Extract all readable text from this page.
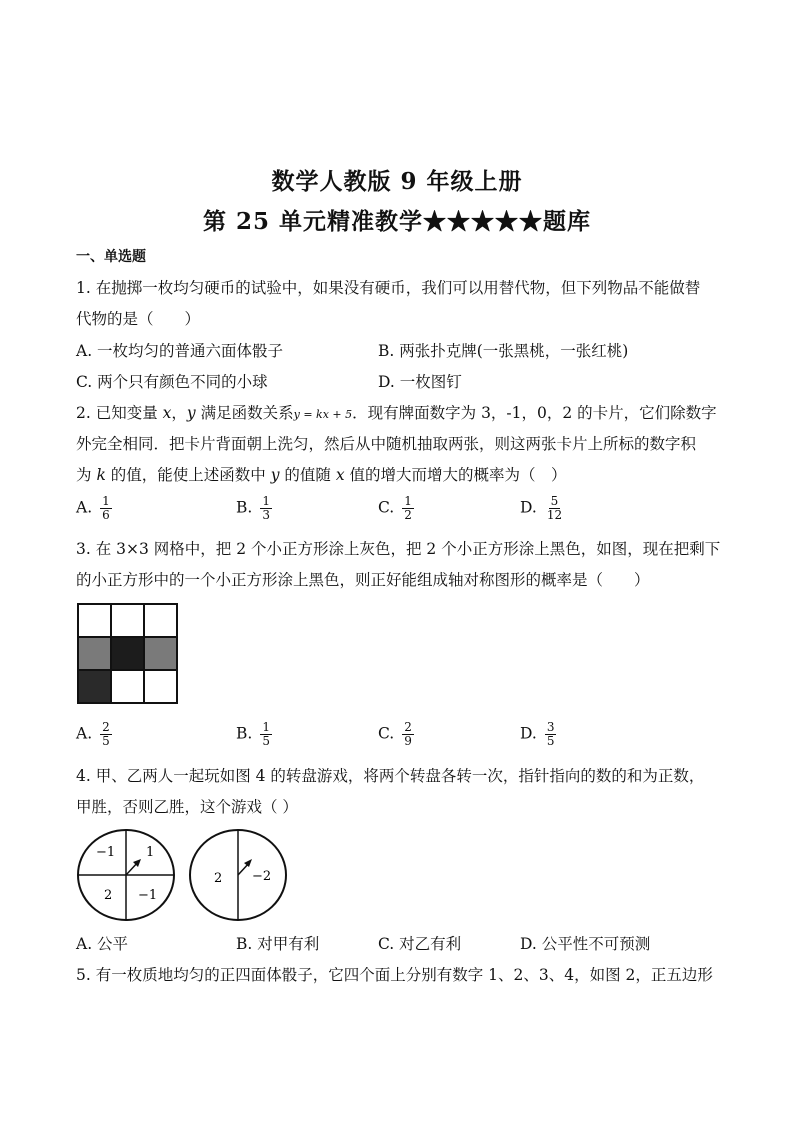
数学人教版 9 年级上册
第 25 单元精准教学★★★★★题库
一、单选题
1. 在抛掷一枚均匀硬币的试验中，如果没有硬币，我们可以用替代物，但下列物品不能做替
代物的是（　　）
A. 一枚均匀的普通六面体骰子	B. 两张扑克牌(一张黑桃，一张红桃)
C. 两个只有颜色不同的小球	D. 一枚图钉
2. 已知变量 x，y 满足函数关系y = kx + 5．现有牌面数字为 3，-1，0，2 的卡片，它们除数字
外完全相同．把卡片背面朝上洗匀，然后从中随机抽取两张，则这两张卡片上所标的数字积
为 k 的值，能使上述函数中 y 的值随 x 值的增大而增大的概率为（　）
A. $\frac{1}{6}$	B. $\frac{1}{3}$	C. $\frac{1}{2}$	D. $\frac{5}{12}$
3. 在 3×3 网格中，把 2 个小正方形涂上灰色，把 2 个小正方形涂上黑色，如图，现在把剩下
的小正方形中的一个小正方形涂上黑色，则正好能组成轴对称图形的概率是（　　）
A. $\frac{2}{5}$	B. $\frac{1}{5}$	C. $\frac{2}{9}$	D. $\frac{3}{5}$
4. 甲、乙两人一起玩如图 4 的转盘游戏，将两个转盘各转一次，指针指向的数的和为正数，
甲胜，否则乙胜，这个游戏（ ）
−1 1
2 −1
2 −2
A. 公平	B. 对甲有利	C. 对乙有利	D. 公平性不可预测
5. 有一枚质地均匀的正四面体骰子，它四个面上分别有数字 1、2、3、4，如图 2，正五边形
